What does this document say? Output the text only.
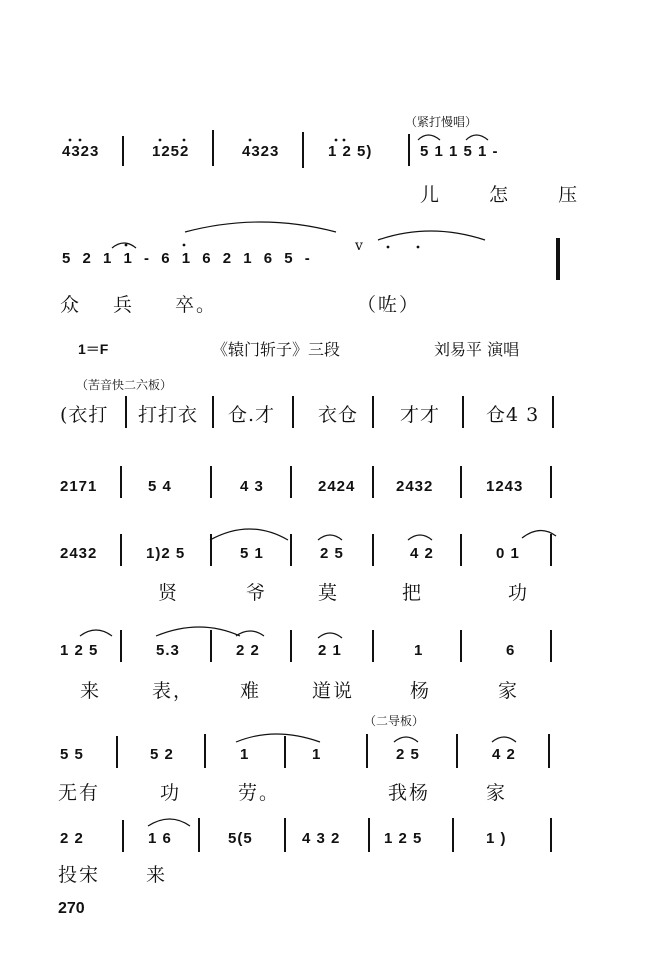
（紧打慢唱）
4323	1252	4323	1 2 5)	5 1 1 5 1 -
儿 怎 压
5 2 1 1 - 6 1 6 2 1 6 5 -
v
众 兵 卒。	（咗）
1＝F	《辕门斩子》三段	刘易平 演唱
（苦音快二六板）
(衣打 打打衣 仓.才 衣仓 才才 仓4 3
2171	5 4	4 3	2424	2432	1243
2432	1)2 5	5 1	2 5	4 2	0 1
贤	爷	莫	把	功
1 2 5	5.3	2 2	2 1	1	6
来	表， 难	道说	杨	家
（二导板）
5 5	5 2	1	1	2 5	4 2
无有	功	劳。	我杨	家
2 2	1 6	5(5	4 3 2	1 2 5	1 )
投宋 来
270
